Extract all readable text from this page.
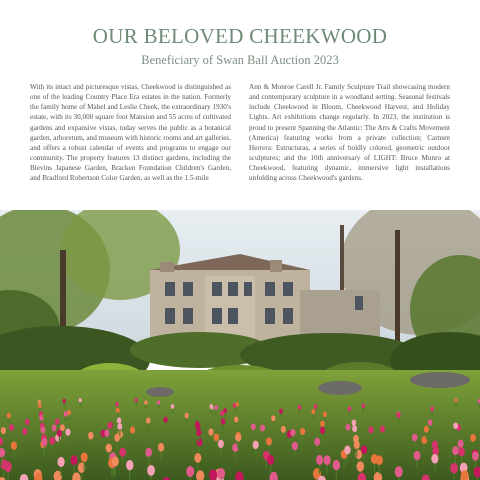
OUR BELOVED CHEEKWOOD

Beneficiary of Swan Ball Auction 2023

With its intact and picturesque vistas, Cheekwood is distinguished as one of the leading Country Place Era estates in the nation. Formerly the family home of Mabel and Leslie Cheek, the extraordinary 1930's estate, with its 30,000 square foot Mansion and 55 acres of cultivated gardens and expansive vistas, today serves the public as a botanical garden, arboretum, and museum with historic rooms and art galleries, and offers a robust calendar of events and programs to engage our community. The property features 13 distinct gardens, including the Blevins Japanese Garden, Bracken Foundation Children's Garden, and Bradford Robertson Color Garden, as well as the 1.5-mile

Ann & Monroe Carell Jr. Family Sculpture Trail showcasing modern and contemporary sculpture in a woodland setting. Seasonal festivals include Cheekwood in Bloom, Cheekwood Harvest, and Holiday Lights. Art exhibitions change regularly. In 2023, the institution is proud to present Spanning the Atlantic: The Arts & Crafts Movement (America) featuring works from a private collection; Carmen Herrera: Estructuras, a series of boldly colored, geometric outdoor sculptures; and the 10th anniversary of LIGHT: Bruce Munro at Cheekwood, featuring dynamic, immersive light installations unfolding across Cheekwood's gardens.
